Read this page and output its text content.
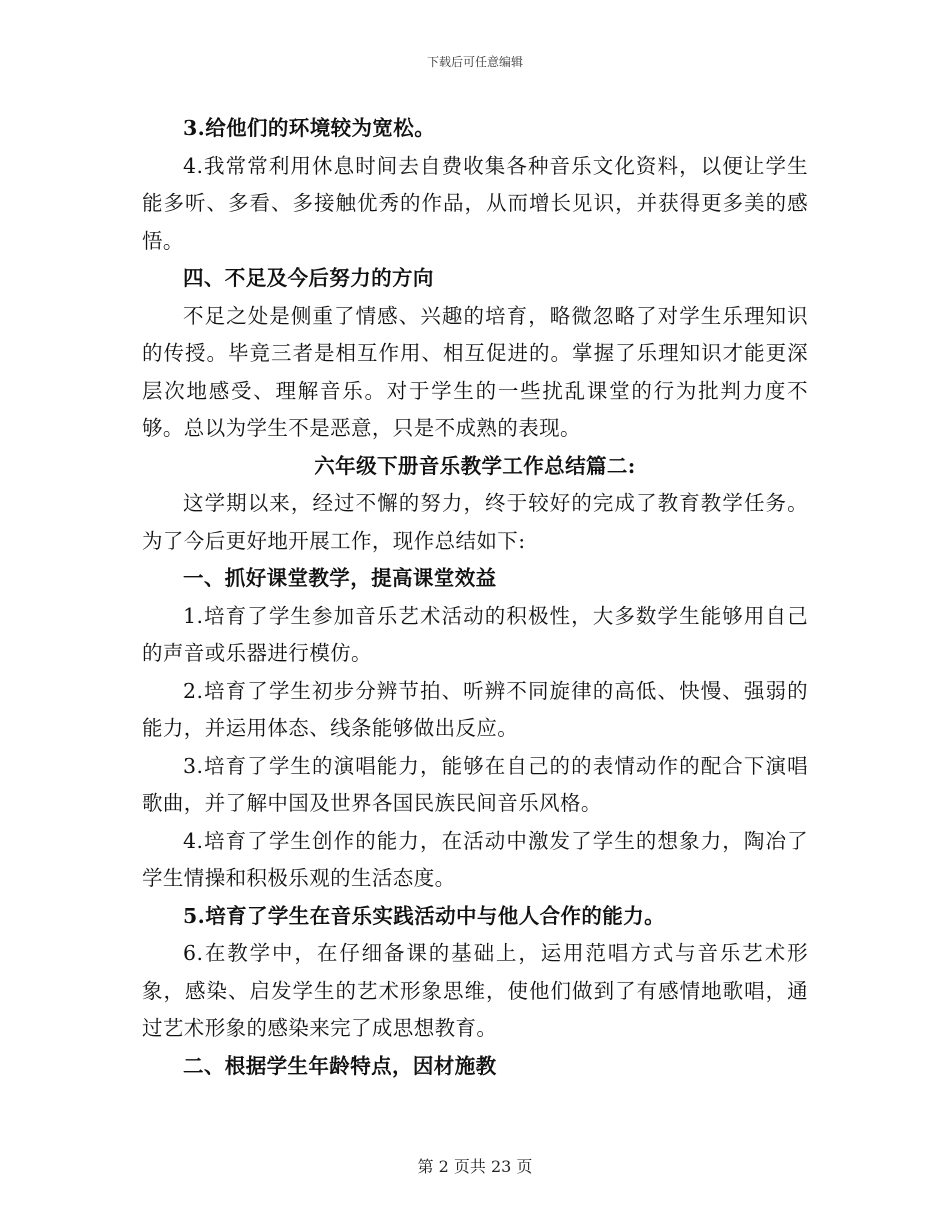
下载后可任意编辑

3.给他们的环境较为宽松。

4.我常常利用休息时间去自费收集各种音乐文化资料，以便让学生能多听、多看、多接触优秀的作品，从而增长见识，并获得更多美的感悟。

四、不足及今后努力的方向

不足之处是侧重了情感、兴趣的培育，略微忽略了对学生乐理知识的传授。毕竟三者是相互作用、相互促进的。掌握了乐理知识才能更深层次地感受、理解音乐。对于学生的一些扰乱课堂的行为批判力度不够。总以为学生不是恶意，只是不成熟的表现。

六年级下册音乐教学工作总结篇二:

这学期以来，经过不懈的努力，终于较好的完成了教育教学任务。为了今后更好地开展工作，现作总结如下:

一、抓好课堂教学，提高课堂效益

1.培育了学生参加音乐艺术活动的积极性，大多数学生能够用自己的声音或乐器进行模仿。

2.培育了学生初步分辨节拍、听辨不同旋律的高低、快慢、强弱的能力，并运用体态、线条能够做出反应。

3.培育了学生的演唱能力，能够在自己的的表情动作的配合下演唱歌曲，并了解中国及世界各国民族民间音乐风格。

4.培育了学生创作的能力，在活动中激发了学生的想象力，陶冶了学生情操和积极乐观的生活态度。

5.培育了学生在音乐实践活动中与他人合作的能力。

6.在教学中，在仔细备课的基础上，运用范唱方式与音乐艺术形象，感染、启发学生的艺术形象思维，使他们做到了有感情地歌唱，通过艺术形象的感染来完了成思想教育。

二、根据学生年龄特点，因材施教

第 2 页共 23 页
